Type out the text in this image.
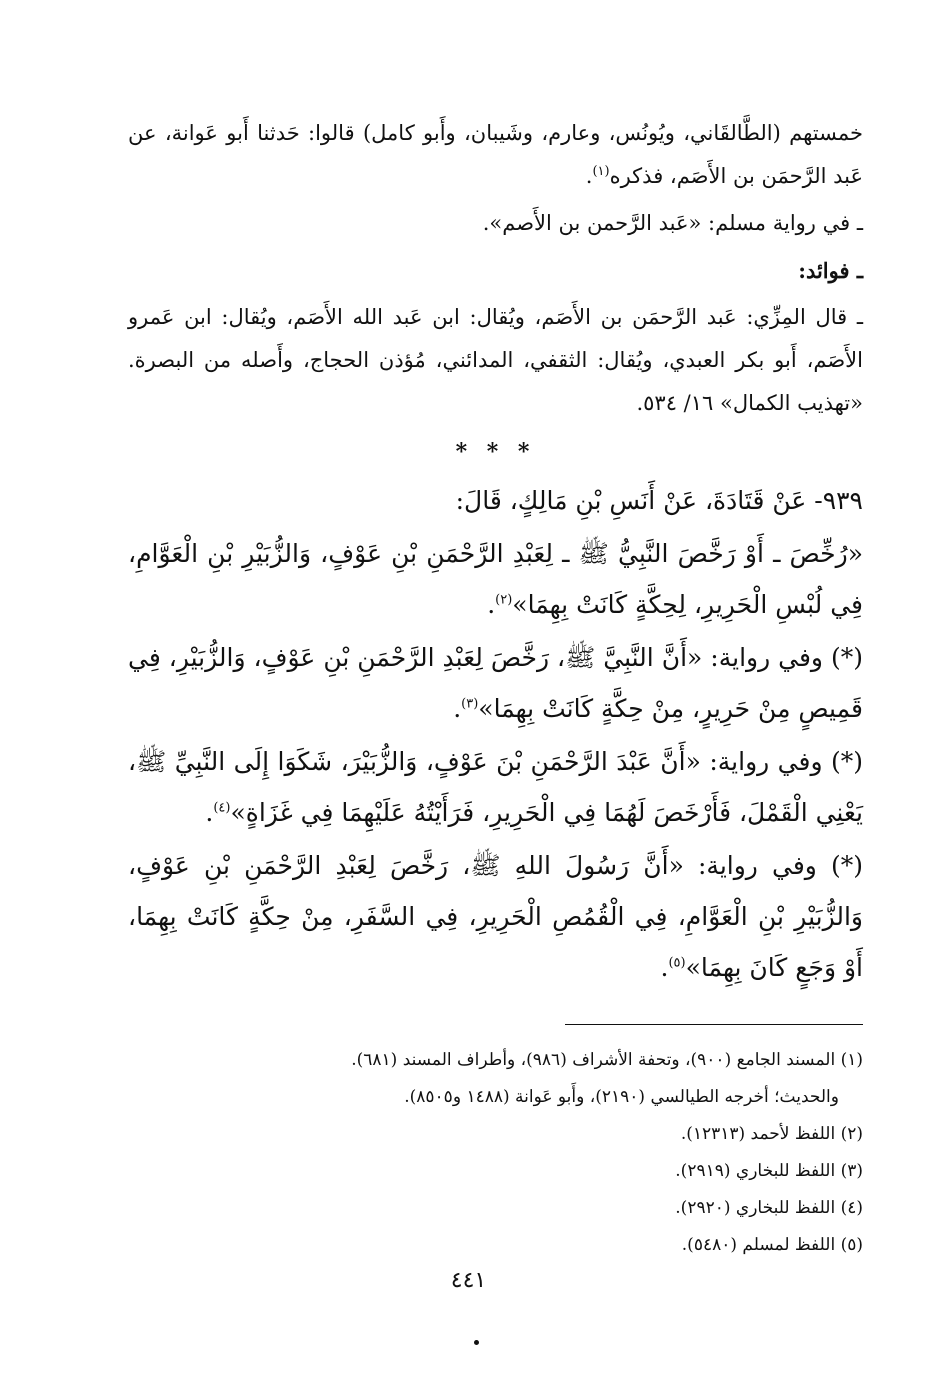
خمستهم (الطَّالقَاني، ويُونُس، وعارم، وشَيبان، وأَبو كامل) قالوا: حَدثنا أَبو عَوانة، عن عَبد الرَّحمَن بن الأَصَم، فذكره$^{(١)}$.

ـ في رواية مسلم: «عَبد الرَّحمن بن الأَصم».

ـ فوائد:

ـ قال المِزِّي: عَبد الرَّحمَن بن الأَصَم، ويُقال: ابن عَبد الله الأَصَم، ويُقال: ابن عَمرو الأَصَم، أَبو بكر العبدي، ويُقال: الثقفي، المدائني، مُؤذن الحجاج، وأَصله من البصرة. «تهذيب الكمال» ١٦/ ٥٣٤.

* * *

٩٣٩- عَنْ قَتَادَةَ، عَنْ أَنَسِ بْنِ مَالِكٍ، قَالَ:

«رُخِّصَ ـ أَوْ رَخَّصَ النَّبِيُّ ﷺ ـ لِعَبْدِ الرَّحْمَنِ بْنِ عَوْفٍ، وَالزُّبَيْرِ بْنِ الْعَوَّامِ، فِي لُبْسِ الْحَرِيرِ، لِحِكَّةٍ كَانَتْ بِهِمَا»$^{(٢)}$.

(*) وفي رواية: «أَنَّ النَّبِيَّ ﷺ، رَخَّصَ لِعَبْدِ الرَّحْمَنِ بْنِ عَوْفٍ، وَالزُّبَيْرِ، فِي قَمِيصٍ مِنْ حَرِيرٍ، مِنْ حِكَّةٍ كَانَتْ بِهِمَا»$^{(٣)}$.

(*) وفي رواية: «أَنَّ عَبْدَ الرَّحْمَنِ بْنَ عَوْفٍ، وَالزُّبَيْرَ، شَكَوَا إِلَى النَّبِيِّ ﷺ، يَعْنِي الْقَمْلَ، فَأَرْخَصَ لَهُمَا فِي الْحَرِيرِ، فَرَأَيْتُهُ عَلَيْهِمَا فِي غَزَاةٍ»$^{(٤)}$.

(*) وفي رواية: «أَنَّ رَسُولَ اللهِ ﷺ، رَخَّصَ لِعَبْدِ الرَّحْمَنِ بْنِ عَوْفٍ، وَالزُّبَيْرِ بْنِ الْعَوَّامِ، فِي الْقُمُصِ الْحَرِيرِ، فِي السَّفَرِ، مِنْ حِكَّةٍ كَانَتْ بِهِمَا، أَوْ وَجَعٍ كَانَ بِهِمَا»$^{(٥)}$.

(١) المسند الجامع (٩٠٠)، وتحفة الأشراف (٩٨٦)، وأطراف المسند (٦٨١).

والحديث؛ أخرجه الطيالسي (٢١٩٠)، وأَبو عَوانة (١٤٨٨ و٨٥٠٥).

(٢) اللفظ لأحمد (١٢٣١٣).

(٣) اللفظ للبخاري (٢٩١٩).

(٤) اللفظ للبخاري (٢٩٢٠).

(٥) اللفظ لمسلم (٥٤٨٠).

٤٤١
